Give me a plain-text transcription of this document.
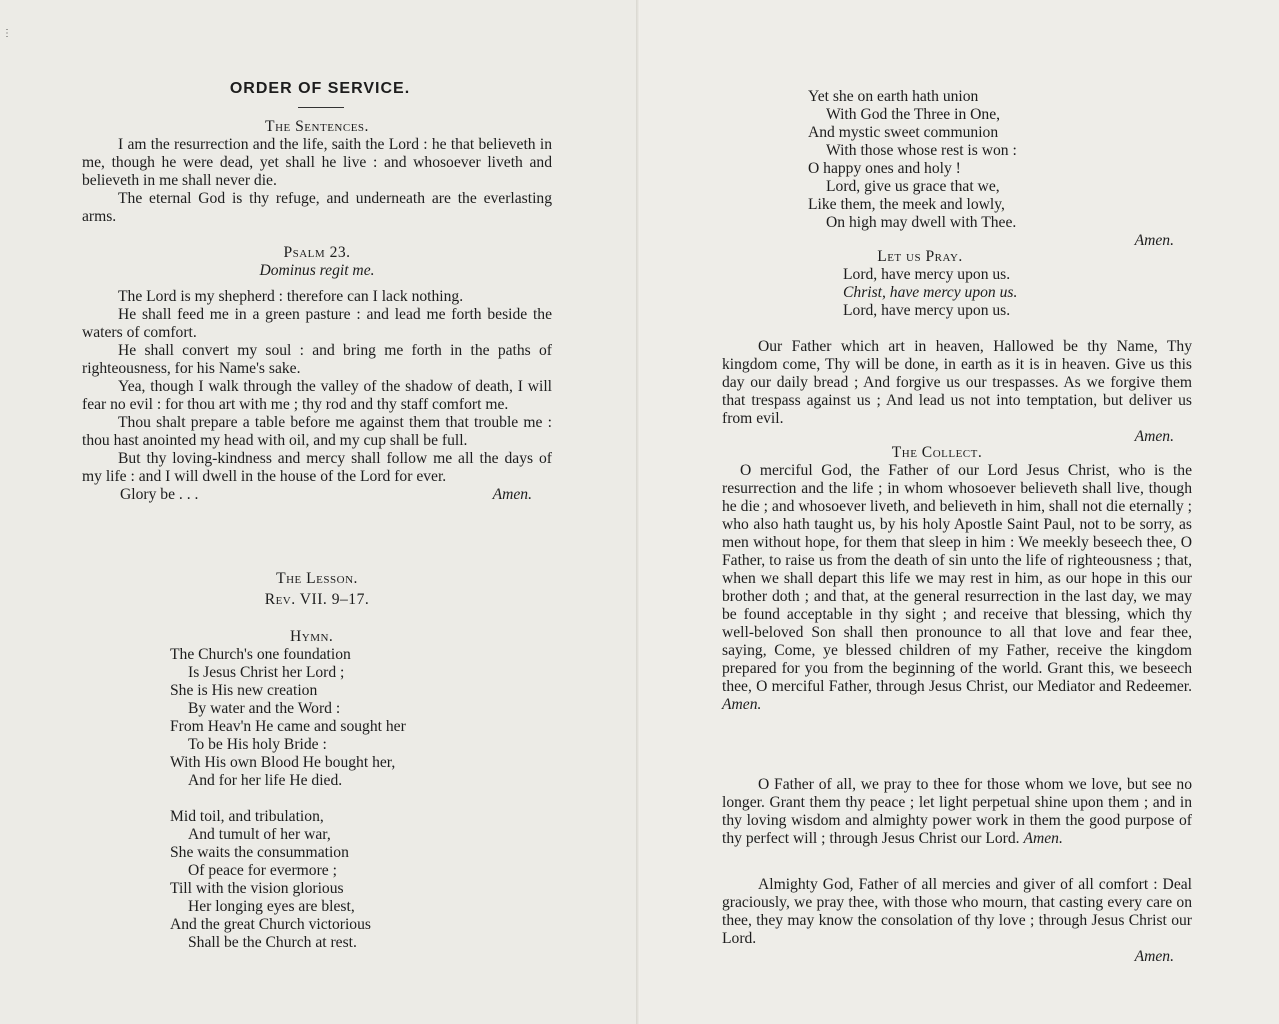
⋮
ORDER OF SERVICE.
The Sentences.

I am the resurrection and the life, saith the Lord : he that believeth in me, though he were dead, yet shall he live : and whosoever liveth and believeth in me shall never die.

The eternal God is thy refuge, and underneath are the everlasting arms.

Psalm 23.
Dominus regit me.

The Lord is my shepherd : therefore can I lack nothing.

He shall feed me in a green pasture : and lead me forth beside the waters of comfort.

He shall convert my soul : and bring me forth in the paths of righteousness, for his Name's sake.

Yea, though I walk through the valley of the shadow of death, I will fear no evil : for thou art with me ; thy rod and thy staff comfort me.

Thou shalt prepare a table before me against them that trouble me : thou hast anointed my head with oil, and my cup shall be full.

But thy loving-kindness and mercy shall follow me all the days of my life : and I will dwell in the house of the Lord for ever.

Glory be . . .	Amen.
The Lesson.
Rev. VII. 9–17.
Hymn.
The Church's one foundation
Is Jesus Christ her Lord ;
She is His new creation
By water and the Word :
From Heav'n He came and sought her
To be His holy Bride :
With His own Blood He bought her,
And for her life He died.
Mid toil, and tribulation,
And tumult of her war,
She waits the consummation
Of peace for evermore ;
Till with the vision glorious
Her longing eyes are blest,
And the great Church victorious
Shall be the Church at rest.
Yet she on earth hath union
With God the Three in One,
And mystic sweet communion
With those whose rest is won :
O happy ones and holy !
Lord, give us grace that we,
Like them, the meek and lowly,
On high may dwell with Thee.
Amen.
Let us Pray.
Lord, have mercy upon us.
Christ, have mercy upon us.
Lord, have mercy upon us.

Our Father which art in heaven, Hallowed be thy Name, Thy kingdom come, Thy will be done, in earth as it is in heaven. Give us this day our daily bread ; And forgive us our trespasses. As we forgive them that trespass against us ; And lead us not into temptation, but deliver us from evil.

Amen.
The Collect.

O merciful God, the Father of our Lord Jesus Christ, who is the resurrection and the life ; in whom whosoever believeth shall live, though he die ; and whosoever liveth, and believeth in him, shall not die eternally ; who also hath taught us, by his holy Apostle Saint Paul, not to be sorry, as men without hope, for them that sleep in him : We meekly beseech thee, O Father, to raise us from the death of sin unto the life of righteousness ; that, when we shall depart this life we may rest in him, as our hope in this our brother doth ; and that, at the general resurrection in the last day, we may be found acceptable in thy sight ; and receive that blessing, which thy well-beloved Son shall then pronounce to all that love and fear thee, saying, Come, ye blessed children of my Father, receive the kingdom prepared for you from the beginning of the world. Grant this, we beseech thee, O merciful Father, through Jesus Christ, our Mediator and Redeemer. Amen.

O Father of all, we pray to thee for those whom we love, but see no longer. Grant them thy peace ; let light perpetual shine upon them ; and in thy loving wisdom and almighty power work in them the good purpose of thy perfect will ; through Jesus Christ our Lord. Amen.

Almighty God, Father of all mercies and giver of all comfort : Deal graciously, we pray thee, with those who mourn, that casting every care on thee, they may know the consolation of thy love ; through Jesus Christ our Lord.

Amen.
